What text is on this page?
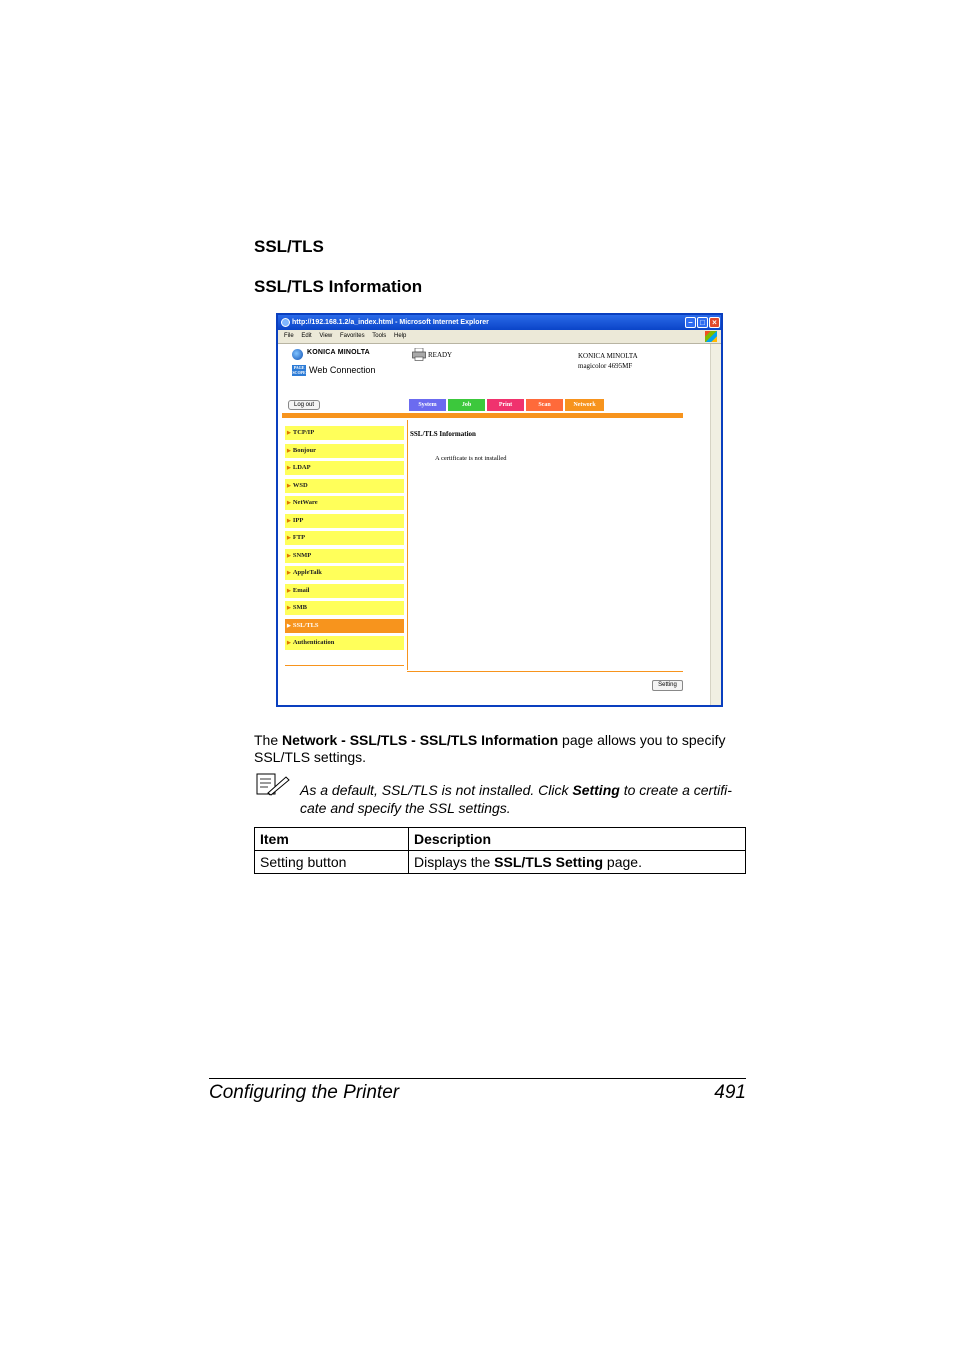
SSL/TLS
SSL/TLS Information
http://192.168.1.2/a_index.html - Microsoft Internet Explorer	– □ ×
File Edit View Favorites Tools Help
KONICA MINOLTA
PAGE SCOPE Web Connection
READY	KONICA MINOLTA
magicolor 4695MF
Log out	System	Job	Print	Scan	Network
▶ TCP/IP
▶ Bonjour
▶ LDAP
▶ WSD
▶ NetWare
▶ IPP
▶ FTP
▶ SNMP
▶ AppleTalk
▶ Email
▶ SMB
▶ SSL/TLS
▶ Authentication
SSL/TLS Information
A certificate is not installed
Setting
The Network - SSL/TLS - SSL/TLS Information page allows you to specify SSL/TLS settings.
As a default, SSL/TLS is not installed. Click Setting to create a certifi-cate and specify the SSL settings.
Item	Description
Setting button	Displays the SSL/TLS Setting page.
Configuring the Printer	491
